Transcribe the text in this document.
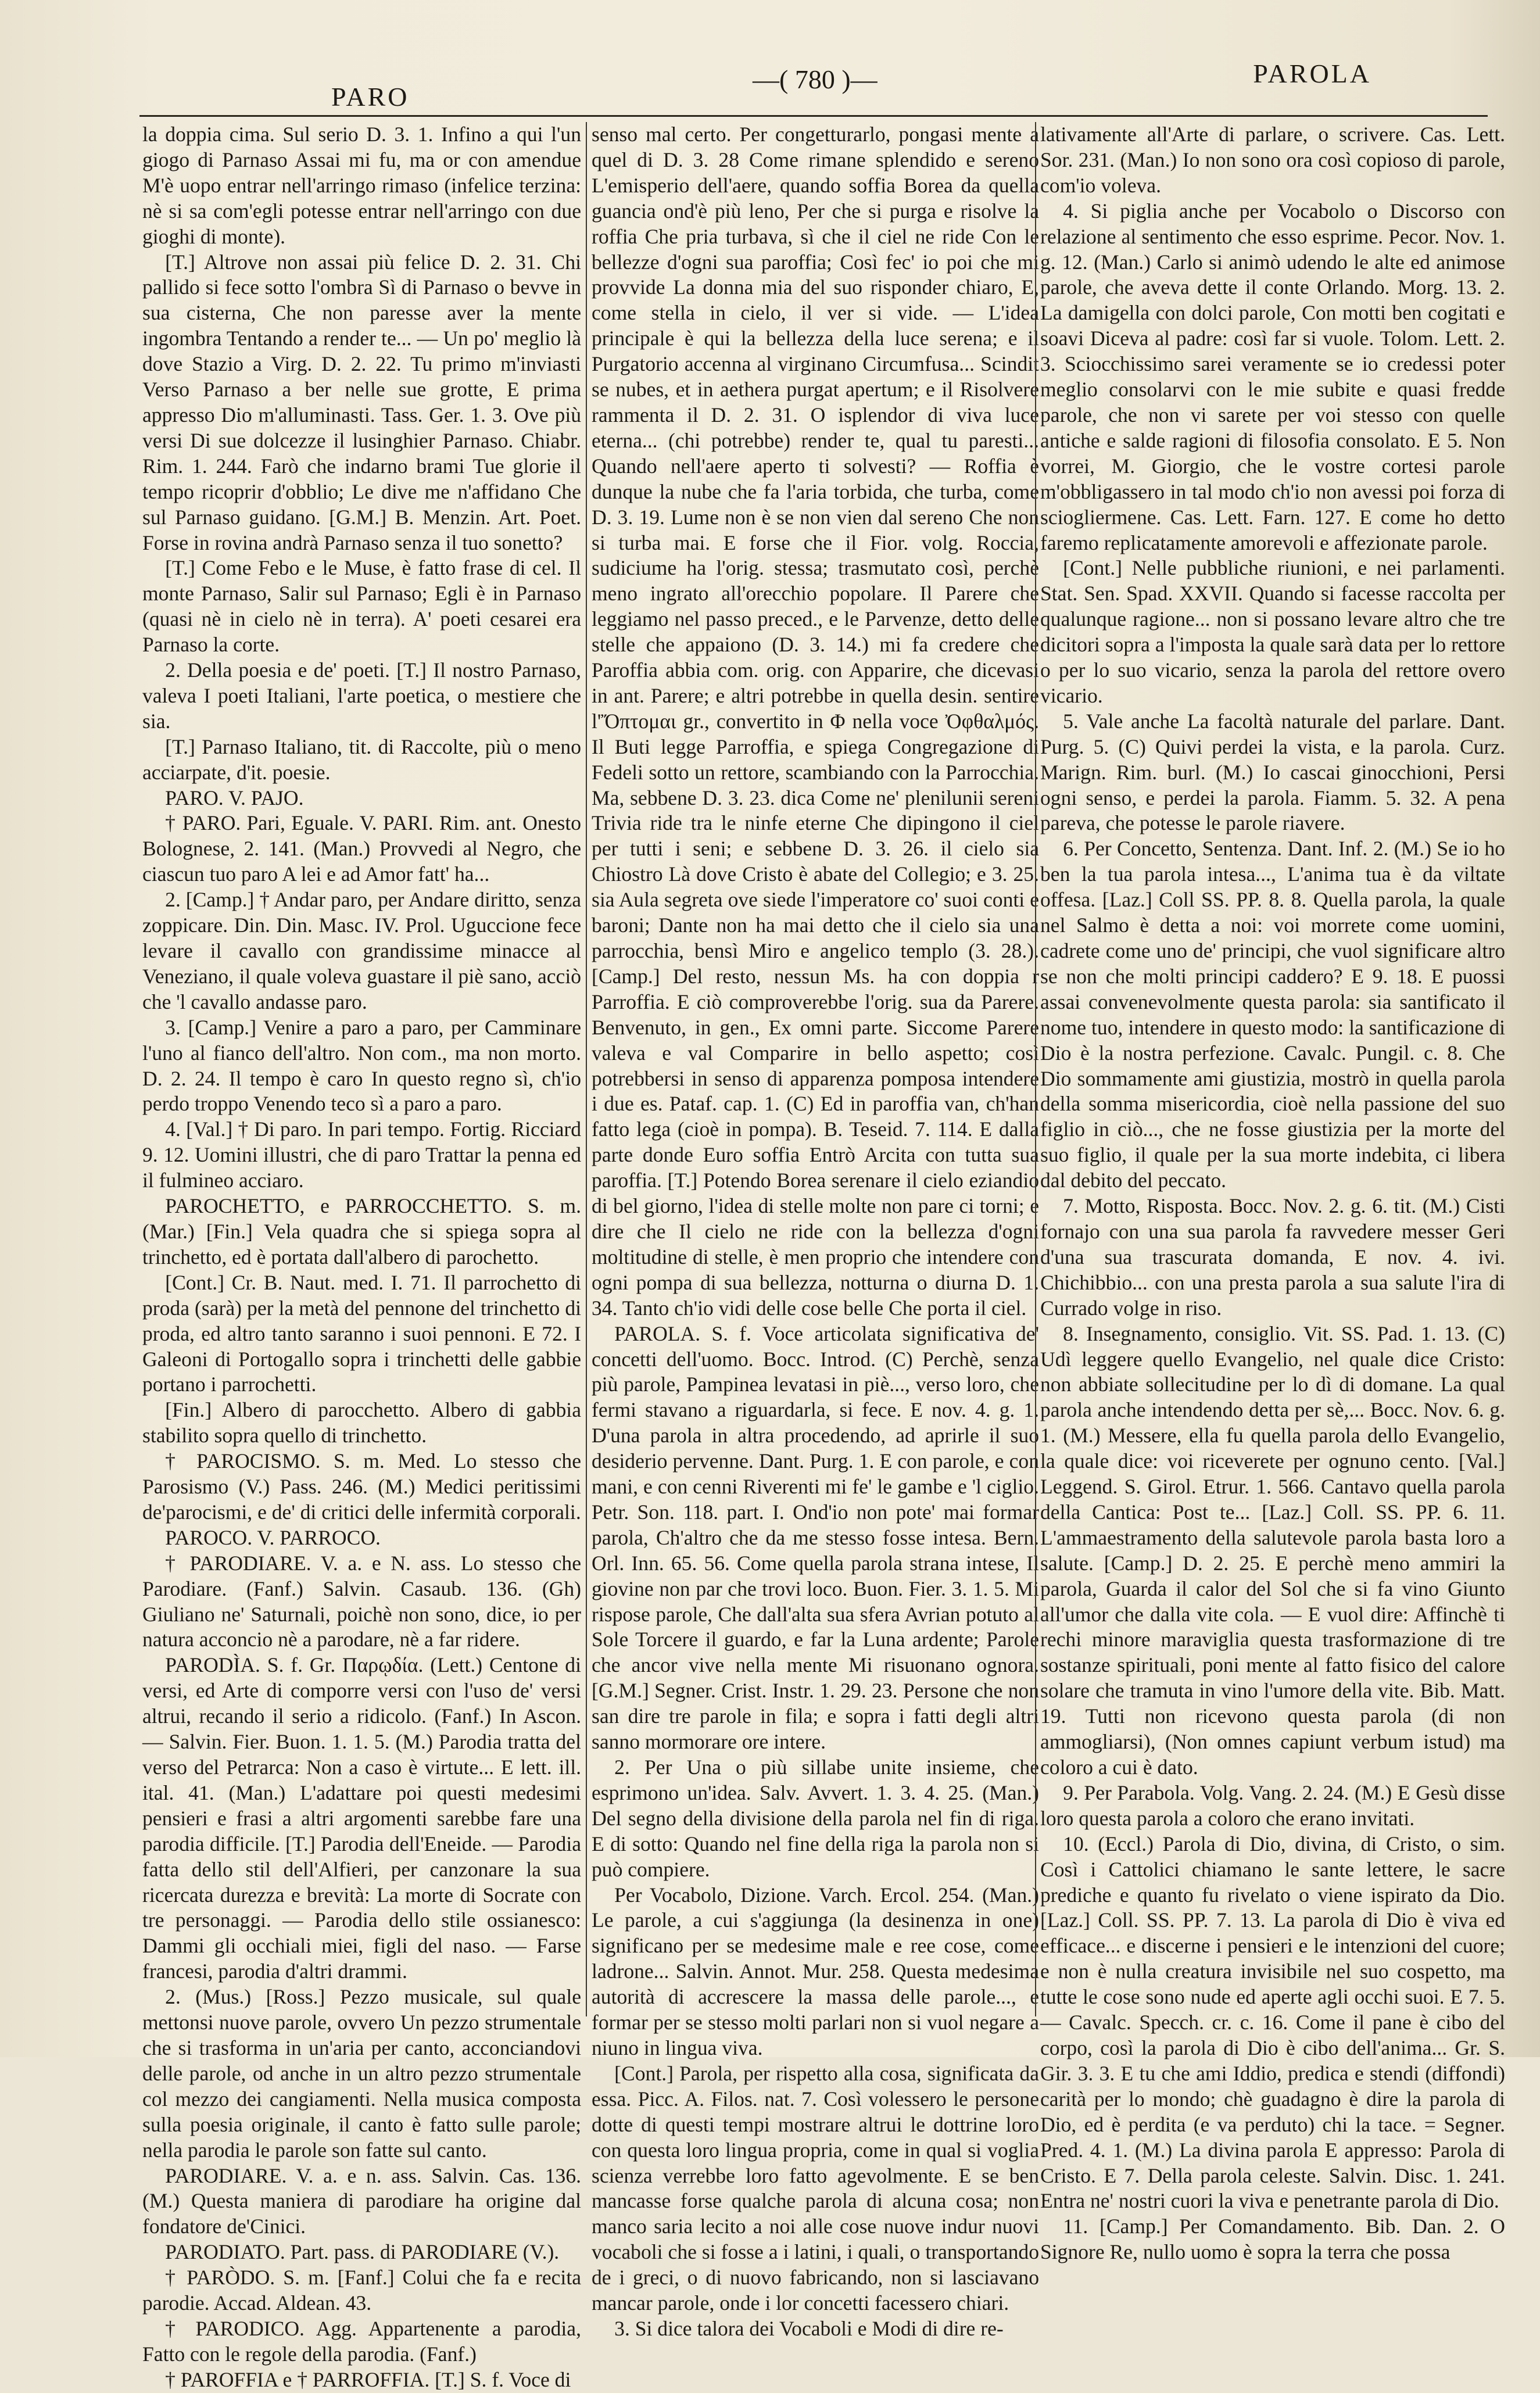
PARO
—( 780 )—	PAROLA

la doppia cima. Sul serio D. 3. 1. Infino a qui l'un giogo di Parnaso Assai mi fu, ma or con amendue M'è uopo entrar nell'arringo rimaso (infelice terzina: nè si sa com'egli potesse entrar nell'arringo con due gioghi di monte).

[T.] Altrove non assai più felice D. 2. 31. Chi pallido si fece sotto l'ombra Sì di Parnaso o bevve in sua cisterna, Che non paresse aver la mente ingombra Tentando a render te... — Un po' meglio là dove Stazio a Virg. D. 2. 22. Tu primo m'inviasti Verso Parnaso a ber nelle sue grotte, E prima appresso Dio m'alluminasti. Tass. Ger. 1. 3. Ove più versi Di sue dolcezze il lusinghier Parnaso. Chiabr. Rim. 1. 244. Farò che indarno brami Tue glorie il tempo ricoprir d'obblio; Le dive me n'affidano Che sul Parnaso guidano. [G.M.] B. Menzin. Art. Poet. Forse in rovina andrà Parnaso senza il tuo sonetto?

[T.] Come Febo e le Muse, è fatto frase di cel. Il monte Parnaso, Salir sul Parnaso; Egli è in Parnaso (quasi nè in cielo nè in terra). A' poeti cesarei era Parnaso la corte.

2. Della poesia e de' poeti. [T.] Il nostro Parnaso, valeva I poeti Italiani, l'arte poetica, o mestiere che sia.

[T.] Parnaso Italiano, tit. di Raccolte, più o meno acciarpate, d'it. poesie.

PARO. V. PAJO.

† PARO. Pari, Eguale. V. PARI. Rim. ant. Onesto Bolognese, 2. 141. (Man.) Provvedi al Negro, che ciascun tuo paro A lei e ad Amor fatt' ha...

2. [Camp.] † Andar paro, per Andare diritto, senza zoppicare. Din. Din. Masc. IV. Prol. Uguccione fece levare il cavallo con grandissime minacce al Veneziano, il quale voleva guastare il piè sano, acciò che 'l cavallo andasse paro.

3. [Camp.] Venire a paro a paro, per Camminare l'uno al fianco dell'altro. Non com., ma non morto. D. 2. 24. Il tempo è caro In questo regno sì, ch'io perdo troppo Venendo teco sì a paro a paro.

4. [Val.] † Di paro. In pari tempo. Fortig. Ricciard 9. 12. Uomini illustri, che di paro Trattar la penna ed il fulmineo acciaro.

PAROCHETTO, e PARROCCHETTO. S. m. (Mar.) [Fin.] Vela quadra che si spiega sopra al trinchetto, ed è portata dall'albero di parochetto.

[Cont.] Cr. B. Naut. med. I. 71. Il parrochetto di proda (sarà) per la metà del pennone del trinchetto di proda, ed altro tanto saranno i suoi pennoni. E 72. I Galeoni di Portogallo sopra i trinchetti delle gabbie portano i parrochetti.

[Fin.] Albero di parocchetto. Albero di gabbia stabilito sopra quello di trinchetto.

† PAROCISMO. S. m. Med. Lo stesso che Parosismo (V.) Pass. 246. (M.) Medici peritissimi de'parocismi, e de' di critici delle infermità corporali.

PAROCO. V. PARROCO.

† PARODIARE. V. a. e N. ass. Lo stesso che Parodiare. (Fanf.) Salvin. Casaub. 136. (Gh) Giuliano ne' Saturnali, poichè non sono, dice, io per natura acconcio nè a parodare, nè a far ridere.

PARODÌA. S. f. Gr. Παρῳδία. (Lett.) Centone di versi, ed Arte di comporre versi con l'uso de' versi altrui, recando il serio a ridicolo. (Fanf.) In Ascon. — Salvin. Fier. Buon. 1. 1. 5. (M.) Parodia tratta del verso del Petrarca: Non a caso è virtute... E lett. ill. ital. 41. (Man.) L'adattare poi questi medesimi pensieri e frasi a altri argomenti sarebbe fare una parodia difficile. [T.] Parodia dell'Eneide. — Parodia fatta dello stil dell'Alfieri, per canzonare la sua ricercata durezza e brevità: La morte di Socrate con tre personaggi. — Parodia dello stile ossianesco: Dammi gli occhiali miei, figli del naso. — Farse francesi, parodia d'altri drammi.

2. (Mus.) [Ross.] Pezzo musicale, sul quale mettonsi nuove parole, ovvero Un pezzo strumentale che si trasforma in un'aria per canto, acconciandovi delle parole, od anche in un altro pezzo strumentale col mezzo dei cangiamenti. Nella musica composta sulla poesia originale, il canto è fatto sulle parole; nella parodia le parole son fatte sul canto.

PARODIARE. V. a. e n. ass. Salvin. Cas. 136. (M.) Questa maniera di parodiare ha origine dal fondatore de'Cinici.

PARODIATO. Part. pass. di PARODIARE (V.).

† PARÒDO. S. m. [Fanf.] Colui che fa e recita parodie. Accad. Aldean. 43.

† PARODICO. Agg. Appartenente a parodia, Fatto con le regole della parodia. (Fanf.)

† PAROFFIA e † PARROFFIA. [T.] S. f. Voce di

senso mal certo. Per congetturarlo, pongasi mente a quel di D. 3. 28 Come rimane splendido e sereno L'emisperio dell'aere, quando soffia Borea da quella guancia ond'è più leno, Per che si purga e risolve la roffia Che pria turbava, sì che il ciel ne ride Con le bellezze d'ogni sua paroffia; Così fec' io poi che mi provvide La donna mia del suo risponder chiaro, E, come stella in cielo, il ver si vide. — L'idea principale è qui la bellezza della luce serena; e il Purgatorio accenna al virginano Circumfusa... Scindit se nubes, et in aethera purgat apertum; e il Risolvere rammenta il D. 2. 31. O isplendor di viva luce eterna... (chi potrebbe) render te, qual tu paresti... Quando nell'aere aperto ti solvesti? — Roffia è dunque la nube che fa l'aria torbida, che turba, come D. 3. 19. Lume non è se non vien dal sereno Che non si turba mai. E forse che il Fior. volg. Roccia, sudiciume ha l'orig. stessa; trasmutato così, perchè meno ingrato all'orecchio popolare. Il Parere che leggiamo nel passo preced., e le Parvenze, detto delle stelle che appaiono (D. 3. 14.) mi fa credere che Paroffia abbia com. orig. con Apparire, che dicevasi in ant. Parere; e altri potrebbe in quella desin. sentire l'Ὄπτομαι gr., convertito in Φ nella voce Ὀφθαλμός. Il Buti legge Parroffia, e spiega Congregazione di Fedeli sotto un rettore, scambiando con la Parrocchia. Ma, sebbene D. 3. 23. dica Come ne' plenilunii sereni Trivia ride tra le ninfe eterne Che dipingono il ciel per tutti i seni; e sebbene D. 3. 26. il cielo sia Chiostro Là dove Cristo è abate del Collegio; e 3. 25. sia Aula segreta ove siede l'imperatore co' suoi conti e baroni; Dante non ha mai detto che il cielo sia una parrocchia, bensì Miro e angelico templo (3. 28.). [Camp.] Del resto, nessun Ms. ha con doppia r Parroffia. E ciò comproverebbe l'orig. sua da Parere. Benvenuto, in gen., Ex omni parte. Siccome Parere valeva e val Comparire in bello aspetto; così potrebbersi in senso di apparenza pomposa intendere i due es. Pataf. cap. 1. (C) Ed in paroffia van, ch'han fatto lega (cioè in pompa). B. Teseid. 7. 114. E dalla parte donde Euro soffia Entrò Arcita con tutta sua paroffia. [T.] Potendo Borea serenare il cielo eziandio di bel giorno, l'idea di stelle molte non pare ci torni; e dire che Il cielo ne ride con la bellezza d'ogni moltitudine di stelle, è men proprio che intendere con ogni pompa di sua bellezza, notturna o diurna D. 1. 34. Tanto ch'io vidi delle cose belle Che porta il ciel.

PAROLA. S. f. Voce articolata significativa de' concetti dell'uomo. Bocc. Introd. (C) Perchè, senza più parole, Pampinea levatasi in piè..., verso loro, che fermi stavano a riguardarla, si fece. E nov. 4. g. 1. D'una parola in altra procedendo, ad aprirle il suo desiderio pervenne. Dant. Purg. 1. E con parole, e con mani, e con cenni Riverenti mi fe' le gambe e 'l ciglio. Petr. Son. 118. part. I. Ond'io non pote' mai formar parola, Ch'altro che da me stesso fosse intesa. Bern. Orl. Inn. 65. 56. Come quella parola strana intese, Il giovine non par che trovi loco. Buon. Fier. 3. 1. 5. Mi rispose parole, Che dall'alta sua sfera Avrian potuto al Sole Torcere il guardo, e far la Luna ardente; Parole che ancor vive nella mente Mi risuonano ognora. [G.M.] Segner. Crist. Instr. 1. 29. 23. Persone che non san dire tre parole in fila; e sopra i fatti degli altri sanno mormorare ore intere.

2. Per Una o più sillabe unite insieme, che esprimono un'idea. Salv. Avvert. 1. 3. 4. 25. (Man.) Del segno della divisione della parola nel fin di riga. E di sotto: Quando nel fine della riga la parola non si può compiere.

Per Vocabolo, Dizione. Varch. Ercol. 254. (Man.) Le parole, a cui s'aggiunga (la desinenza in one) significano per se medesime male e ree cose, come ladrone... Salvin. Annot. Mur. 258. Questa medesima autorità di accrescere la massa delle parole..., e formar per se stesso molti parlari non si vuol negare a niuno in lingua viva.

[Cont.] Parola, per rispetto alla cosa, significata da essa. Picc. A. Filos. nat. 7. Così volessero le persone dotte di questi tempi mostrare altrui le dottrine loro con questa loro lingua propria, come in qual si voglia scienza verrebbe loro fatto agevolmente. E se ben mancasse forse qualche parola di alcuna cosa; non manco saria lecito a noi alle cose nuove indur nuovi vocaboli che si fosse a i latini, i quali, o transportando de i greci, o di nuovo fabricando, non si lasciavano mancar parole, onde i lor concetti facessero chiari.

3. Si dice talora dei Vocaboli e Modi di dire re-

lativamente all'Arte di parlare, o scrivere. Cas. Lett. Sor. 231. (Man.) Io non sono ora così copioso di parole, com'io voleva.

4. Si piglia anche per Vocabolo o Discorso con relazione al sentimento che esso esprime. Pecor. Nov. 1. g. 12. (Man.) Carlo si animò udendo le alte ed animose parole, che aveva dette il conte Orlando. Morg. 13. 2. La damigella con dolci parole, Con motti ben cogitati e soavi Diceva al padre: così far si vuole. Tolom. Lett. 2. 3. Sciocchissimo sarei veramente se io credessi poter meglio consolarvi con le mie subite e quasi fredde parole, che non vi sarete per voi stesso con quelle antiche e salde ragioni di filosofia consolato. E 5. Non vorrei, M. Giorgio, che le vostre cortesi parole m'obbligassero in tal modo ch'io non avessi poi forza di sciogliermene. Cas. Lett. Farn. 127. E come ho detto faremo replicatamente amorevoli e affezionate parole.

[Cont.] Nelle pubbliche riunioni, e nei parlamenti. Stat. Sen. Spad. XXVII. Quando si facesse raccolta per qualunque ragione... non si possano levare altro che tre dicitori sopra a l'imposta la quale sarà data per lo rettore o per lo suo vicario, senza la parola del rettore overo vicario.

5. Vale anche La facoltà naturale del parlare. Dant. Purg. 5. (C) Quivi perdei la vista, e la parola. Curz. Marign. Rim. burl. (M.) Io cascai ginocchioni, Persi ogni senso, e perdei la parola. Fiamm. 5. 32. A pena pareva, che potesse le parole riavere.

6. Per Concetto, Sentenza. Dant. Inf. 2. (M.) Se io ho ben la tua parola intesa..., L'anima tua è da viltate offesa. [Laz.] Coll SS. PP. 8. 8. Quella parola, la quale nel Salmo è detta a noi: voi morrete come uomini, cadrete come uno de' principi, che vuol significare altro se non che molti principi caddero? E 9. 18. E puossi assai convenevolmente questa parola: sia santificato il nome tuo, intendere in questo modo: la santificazione di Dio è la nostra perfezione. Cavalc. Pungil. c. 8. Che Dio sommamente ami giustizia, mostrò in quella parola della somma misericordia, cioè nella passione del suo figlio in ciò..., che ne fosse giustizia per la morte del suo figlio, il quale per la sua morte indebita, ci libera dal debito del peccato.

7. Motto, Risposta. Bocc. Nov. 2. g. 6. tit. (M.) Cisti fornajo con una sua parola fa ravvedere messer Geri d'una sua trascurata domanda, E nov. 4. ivi. Chichibbio... con una presta parola a sua salute l'ira di Currado volge in riso.

8. Insegnamento, consiglio. Vit. SS. Pad. 1. 13. (C) Udì leggere quello Evangelio, nel quale dice Cristo: non abbiate sollecitudine per lo dì di domane. La qual parola anche intendendo detta per sè,... Bocc. Nov. 6. g. 1. (M.) Messere, ella fu quella parola dello Evangelio, la quale dice: voi riceverete per ognuno cento. [Val.] Leggend. S. Girol. Etrur. 1. 566. Cantavo quella parola della Cantica: Post te... [Laz.] Coll. SS. PP. 6. 11. L'ammaestramento della salutevole parola basta loro a salute. [Camp.] D. 2. 25. E perchè meno ammiri la parola, Guarda il calor del Sol che si fa vino Giunto all'umor che dalla vite cola. — E vuol dire: Affinchè ti rechi minore maraviglia questa trasformazione di tre sostanze spirituali, poni mente al fatto fisico del calore solare che tramuta in vino l'umore della vite. Bib. Matt. 19. Tutti non ricevono questa parola (di non ammogliarsi), (Non omnes capiunt verbum istud) ma coloro a cui è dato.

9. Per Parabola. Volg. Vang. 2. 24. (M.) E Gesù disse loro questa parola a coloro che erano invitati.

10. (Eccl.) Parola di Dio, divina, di Cristo, o sim. Così i Cattolici chiamano le sante lettere, le sacre prediche e quanto fu rivelato o viene ispirato da Dio. [Laz.] Coll. SS. PP. 7. 13. La parola di Dio è viva ed efficace... e discerne i pensieri e le intenzioni del cuore; e non è nulla creatura invisibile nel suo cospetto, ma tutte le cose sono nude ed aperte agli occhi suoi. E 7. 5. — Cavalc. Specch. cr. c. 16. Come il pane è cibo del corpo, così la parola di Dio è cibo dell'anima... Gr. S. Gir. 3. 3. E tu che ami Iddio, predica e stendi (diffondi) carità per lo mondo; chè guadagno è dire la parola di Dio, ed è perdita (e va perduto) chi la tace. = Segner. Pred. 4. 1. (M.) La divina parola E appresso: Parola di Cristo. E 7. Della parola celeste. Salvin. Disc. 1. 241. Entra ne' nostri cuori la viva e penetrante parola di Dio.

11. [Camp.] Per Comandamento. Bib. Dan. 2. O Signore Re, nullo uomo è sopra la terra che possa
